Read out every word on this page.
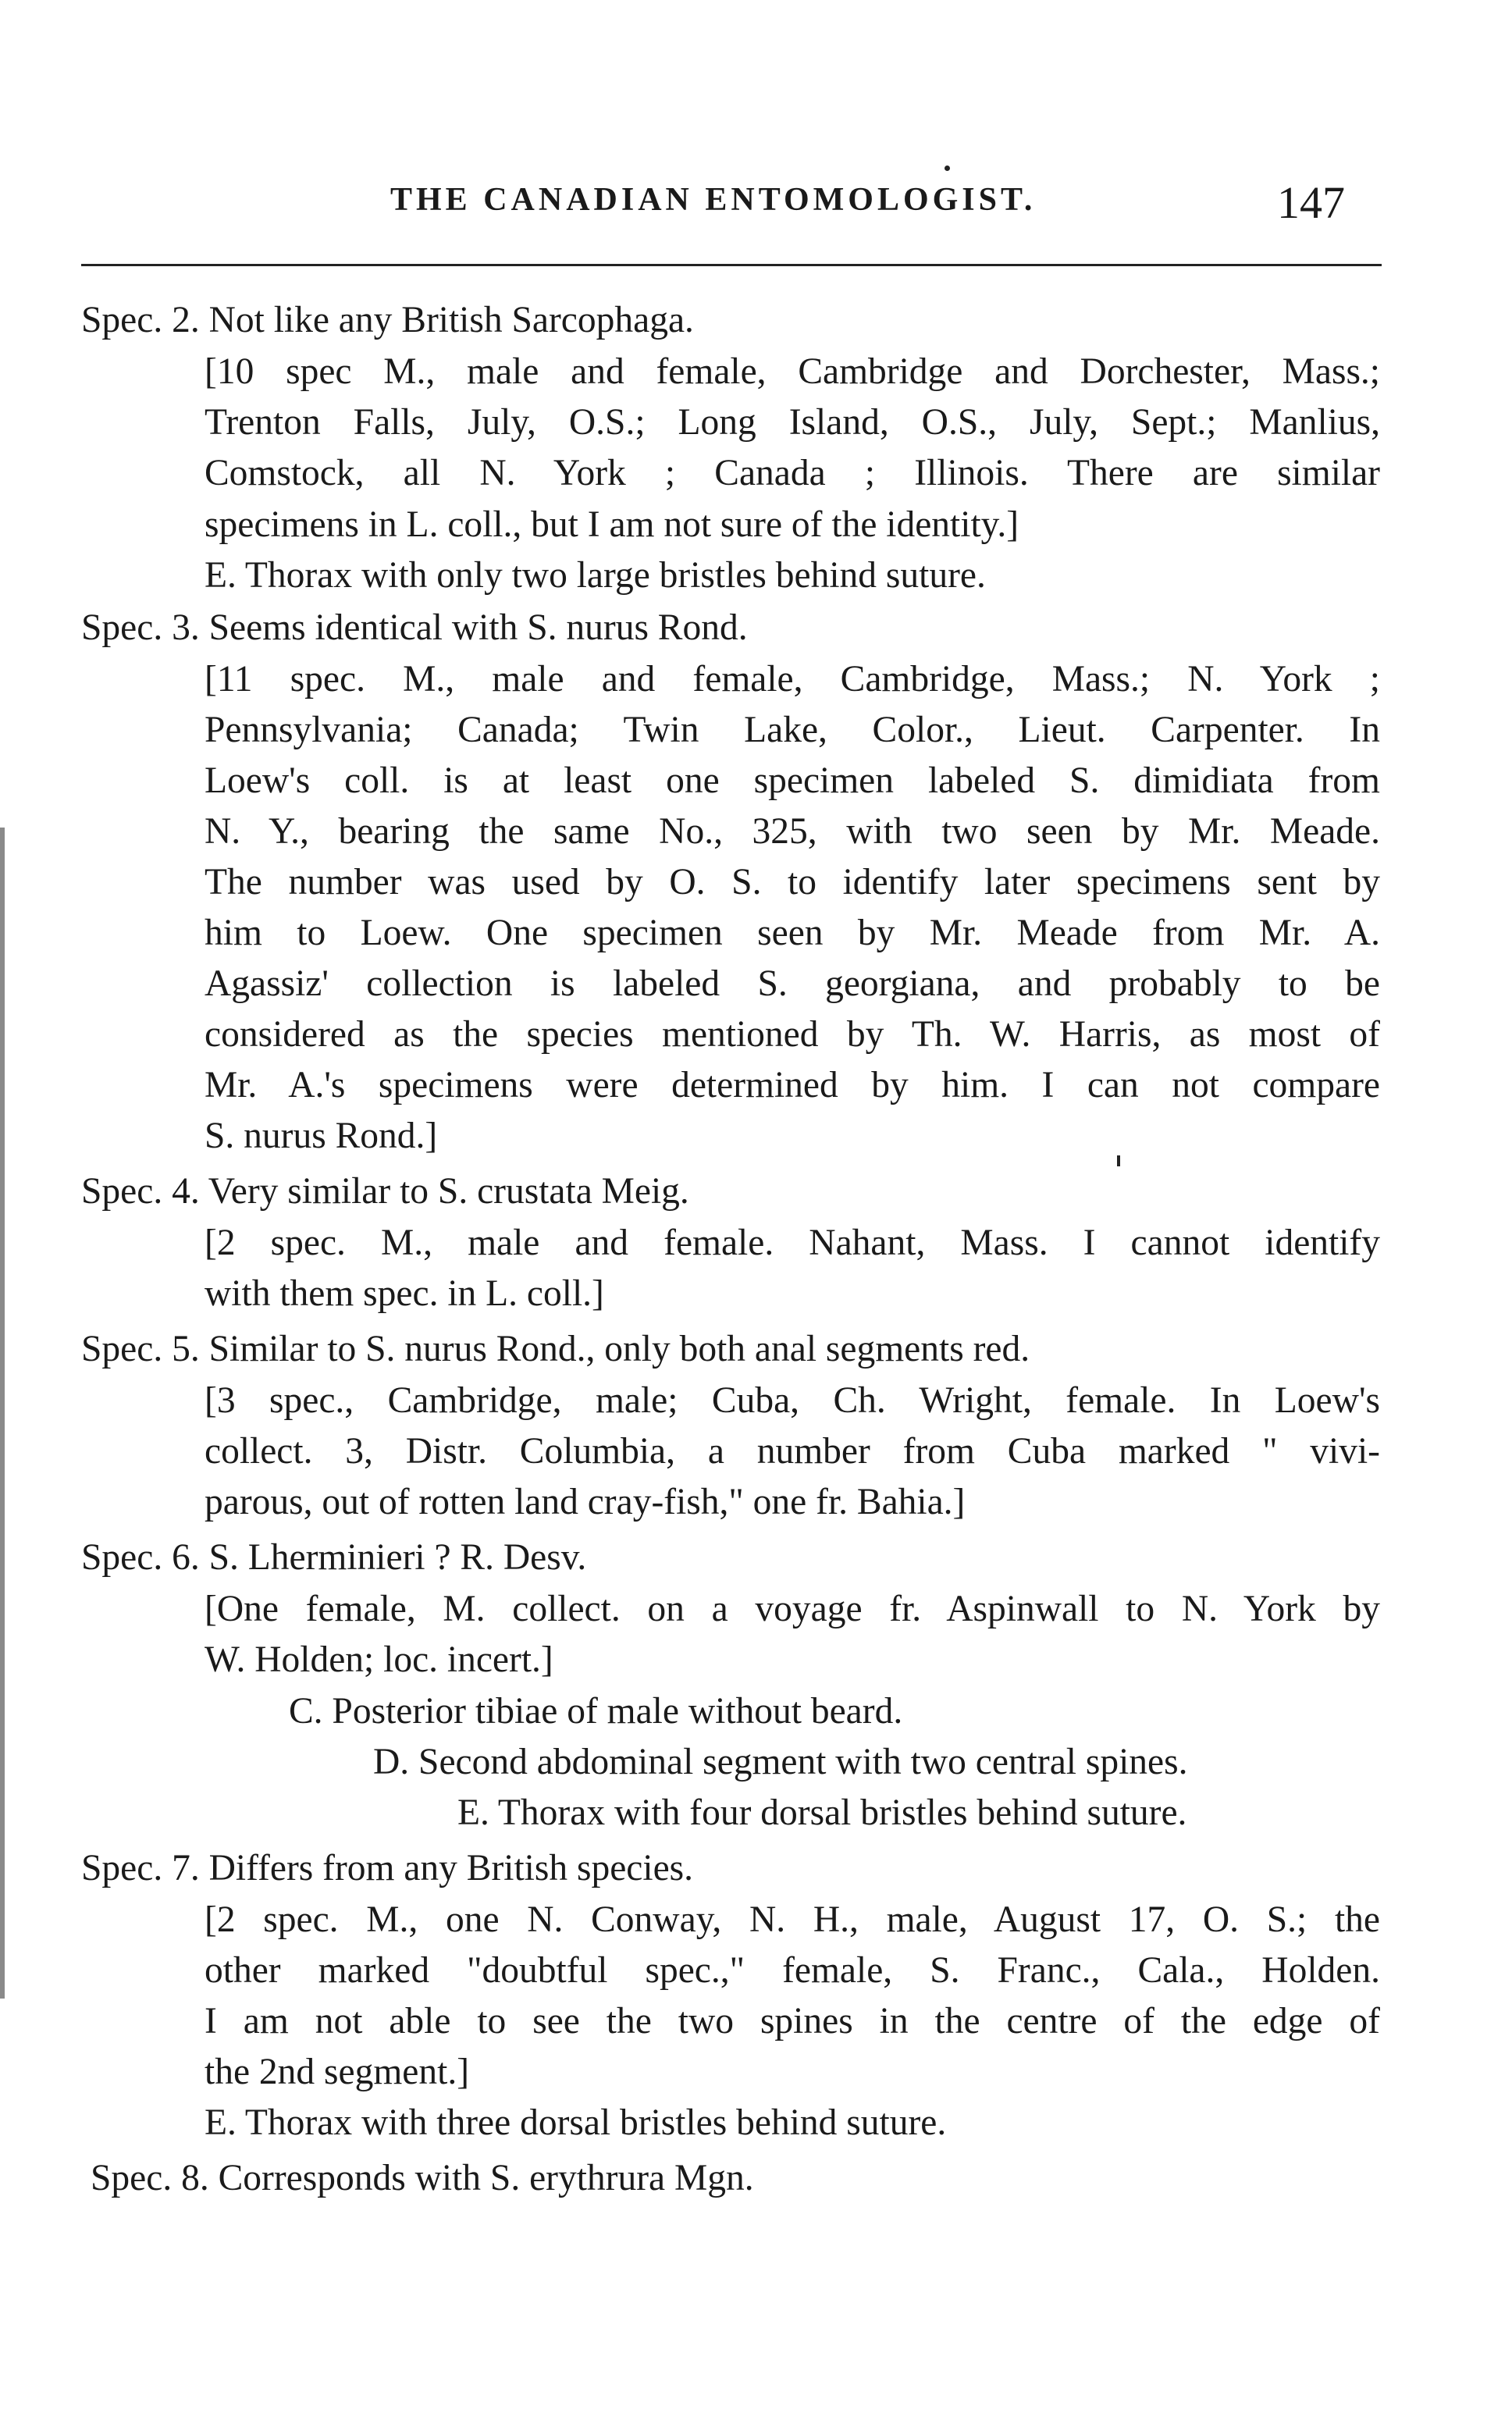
THE CANADIAN ENTOMOLOGIST.	147
Spec. 2. Not like any British Sarcophaga.
[10 spec M., male and female, Cambridge and Dorchester, Mass.;
Trenton Falls, July, O.S.; Long Island, O.S., July, Sept.; Manlius,
Comstock, all N. York ; Canada ; Illinois. There are similar
specimens in L. coll., but I am not sure of the identity.]
E. Thorax with only two large bristles behind suture.
Spec. 3. Seems identical with S. nurus Rond.
[11 spec. M., male and female, Cambridge, Mass.; N. York ;
Pennsylvania; Canada; Twin Lake, Color., Lieut. Carpenter. In
Loew's coll. is at least one specimen labeled S. dimidiata from
N. Y., bearing the same No., 325, with two seen by Mr. Meade.
The number was used by O. S. to identify later specimens sent by
him to Loew. One specimen seen by Mr. Meade from Mr. A.
Agassiz' collection is labeled S. georgiana, and probably to be
considered as the species mentioned by Th. W. Harris, as most of
Mr. A.'s specimens were determined by him. I can not compare
S. nurus Rond.]
Spec. 4. Very similar to S. crustata Meig.
[2 spec. M., male and female. Nahant, Mass. I cannot identify
with them spec. in L. coll.]
Spec. 5. Similar to S. nurus Rond., only both anal segments red.
[3 spec., Cambridge, male; Cuba, Ch. Wright, female. In Loew's
collect. 3, Distr. Columbia, a number from Cuba marked " vivi-
parous, out of rotten land cray-fish," one fr. Bahia.]
Spec. 6. S. Lherminieri ? R. Desv.
[One female, M. collect. on a voyage fr. Aspinwall to N. York by
W. Holden; loc. incert.]
C. Posterior tibiae of male without beard.
D. Second abdominal segment with two central spines.
E. Thorax with four dorsal bristles behind suture.
Spec. 7. Differs from any British species.
[2 spec. M., one N. Conway, N. H., male, August 17, O. S.; the
other marked "doubtful spec.," female, S. Franc., Cala., Holden.
I am not able to see the two spines in the centre of the edge of
the 2nd segment.]
E. Thorax with three dorsal bristles behind suture.
Spec. 8. Corresponds with S. erythrura Mgn.
